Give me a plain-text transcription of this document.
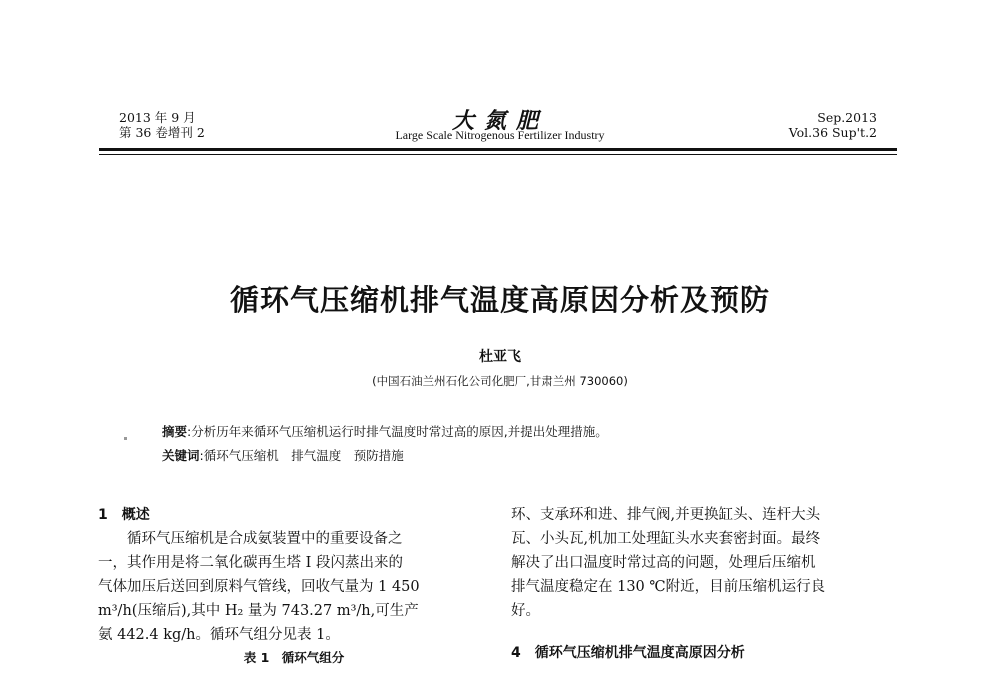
2013 年 9 月
第 36 卷增刊 2	大氮肥
Large Scale Nitrogenous Fertilizer Industry
Sep.2013
Vol.36 Sup't.2
循环气压缩机排气温度高原因分析及预防
杜亚飞
(中国石油兰州石化公司化肥厂,甘肃兰州 730060)
摘要:分析历年来循环气压缩机运行时排气温度时常过高的原因,并提出处理措施。
关键词:循环气压缩机　排气温度　预防措施
1　概述
循环气压缩机是合成氨装置中的重要设备之
一，其作用是将二氧化碳再生塔 Ⅰ 段闪蒸出来的
气体加压后送回到原料气管线，回收气量为 1 450
m³/h(压缩后),其中 H₂ 量为 743.27 m³/h,可生产
氨 442.4 kg/h。循环气组分见表 1。
表 1　循环气组分
环、支承环和进、排气阀,并更换缸头、连杆大头
瓦、小头瓦,机加工处理缸头水夹套密封面。最终
解决了出口温度时常过高的问题，处理后压缩机
排气温度稳定在 130 ℃附近，目前压缩机运行良
好。
4　循环气压缩机排气温度高原因分析
